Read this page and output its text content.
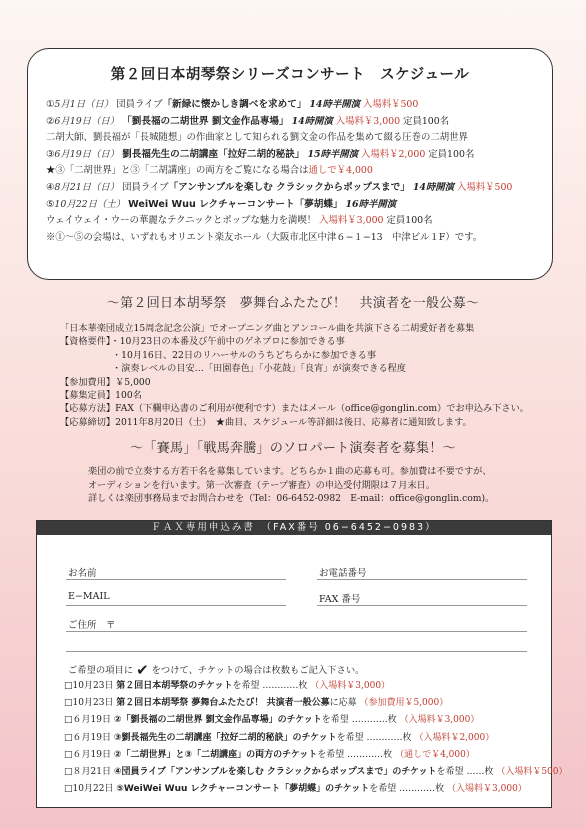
第２回日本胡琴祭シリーズコンサート　スケジュール
①5月1日（日） 団員ライブ「新緑に懐かしき調べを求めて」 14時半開演 入場料￥500
②6月19日（日） 「劉長福の二胡世界 劉文金作品専場」 14時開演 入場料￥3,000 定員100名
二胡大師、劉長福が「長城随想」の作曲家として知られる劉文金の作品を集めて綴る圧巻の二胡世界
③6月19日（日） 劉長福先生の二胡講座「拉好二胡的秘訣」 15時半開演 入場料￥2,000 定員100名
★③「二胡世界」と③「二胡講座」の両方をご覧になる場合は通しで￥4,000
④8月21日（日） 団員ライブ「アンサンブルを楽しむ クラシックからポップスまで」 14時開演 入場料￥500
⑤10月22日（土） WeiWei Wuu レクチャーコンサート「夢胡蝶」 16時半開演
ウェイウェイ・ウーの華麗なテクニックとポップな魅力を満喫！ 入場料￥3,000 定員100名
※①～⑤の会場は、いずれもオリエント楽友ホール（大阪市北区中津６−１−13　中津ビル１F）です。
～第２回日本胡琴祭　夢舞台ふたたび！　共演者を一般公募～
「日本華楽団成立15周念記念公演」でオープニング曲とアンコール曲を共演下さる二胡愛好者を募集
【資格要件】・10月23日の本番及び午前中のゲネプロに参加できる事
・10月16日、22日のリハーサルのうちどちらかに参加できる事
・演奏レベルの目安…「田園春色」「小花鼓」「良宵」が演奏できる程度
【参加費用】￥5,000
【募集定員】100名
【応募方法】FAX（下欄申込書のご利用が便利です）またはメール（office@gonglin.com）でお申込み下さい。
【応募締切】2011年8月20日（土）　★曲目、スケジュール等詳細は後日、応募者に通知致します。
～「賽馬」「戦馬奔騰」のソロパート演奏者を募集！～
楽団の前で立奏する方若干名を募集しています。どちらか１曲の応募も可。参加費は不要ですが、
オーディションを行います。第一次審査（テープ審査）の申込受付期限は７月末日。
詳しくは楽団事務局までお問合わせを（Tel：06-6452-0982　E-mail：office@gonglin.com)。
ＦＡＸ専用申込み書　（FAX番号 06−6452−0983）
お名前	お電話番号
E−MAIL	FAX 番号
ご住所　〒
ご希望の項目に ✔ をつけて、チケットの場合は枚数もご記入下さい。
□10月23日 第２回日本胡琴祭のチケットを希望 …………枚 （入場料￥3,000）
□10月23日 第２回日本胡琴祭 夢舞台ふたたび！ 共演者一般公募に応募 （参加費用￥5,000）
□６月19日 ②「劉長福の二胡世界 劉文金作品専場」のチケットを希望 …………枚 （入場料￥3,000）
□６月19日 ③劉長福先生の二胡講座「拉好二胡的秘訣」のチケットを希望 …………枚 （入場料￥2,000）
□６月19日 ②「二胡世界」と③「二胡講座」の両方のチケットを希望 …………枚 （通しで￥4,000）
□８月21日 ④団員ライブ「アンサンブルを楽しむ クラシックからポップスまで」のチケットを希望 ……枚 （入場料￥500）
□10月22日 ⑤WeiWei Wuu レクチャーコンサート「夢胡蝶」のチケットを希望 …………枚 （入場料￥3,000）
